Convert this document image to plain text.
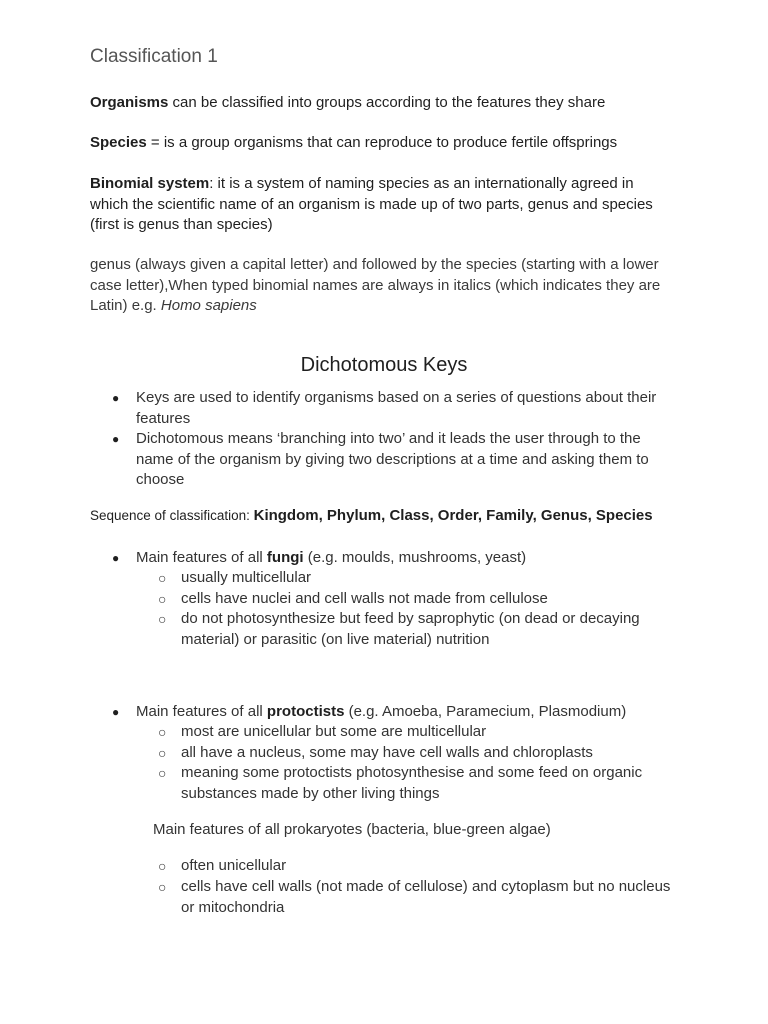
Classification 1
Organisms can be classified into groups according to the features they share
Species = is a group organisms that can reproduce to produce fertile offsprings
Binomial system: it is a system of naming species as an internationally agreed in
which the scientific name of an organism is made up of two parts, genus and species
(first is genus than species)
genus (always given a capital letter) and followed by the species (starting with a lower
case letter),When typed binomial names are always in italics (which indicates they are
Latin) e.g. Homo sapiens
Dichotomous Keys
● Keys are used to identify organisms based on a series of questions about their
features
● Dichotomous means ‘branching into two’ and it leads the user through to the
name of the organism by giving two descriptions at a time and asking them to
choose
Sequence of classification: Kingdom, Phylum, Class, Order, Family, Genus, Species
● Main features of all fungi (e.g. moulds, mushrooms, yeast)
○ usually multicellular
○ cells have nuclei and cell walls not made from cellulose
○ do not photosynthesize but feed by saprophytic (on dead or decaying
material) or parasitic (on live material) nutrition
● Main features of all protoctists (e.g. Amoeba, Paramecium, Plasmodium)
○ most are unicellular but some are multicellular
○ all have a nucleus, some may have cell walls and chloroplasts
○ meaning some protoctists photosynthesise and some feed on organic
substances made by other living things
Main features of all prokaryotes (bacteria, blue-green algae)
○ often unicellular
○ cells have cell walls (not made of cellulose) and cytoplasm but no nucleus
or mitochondria
